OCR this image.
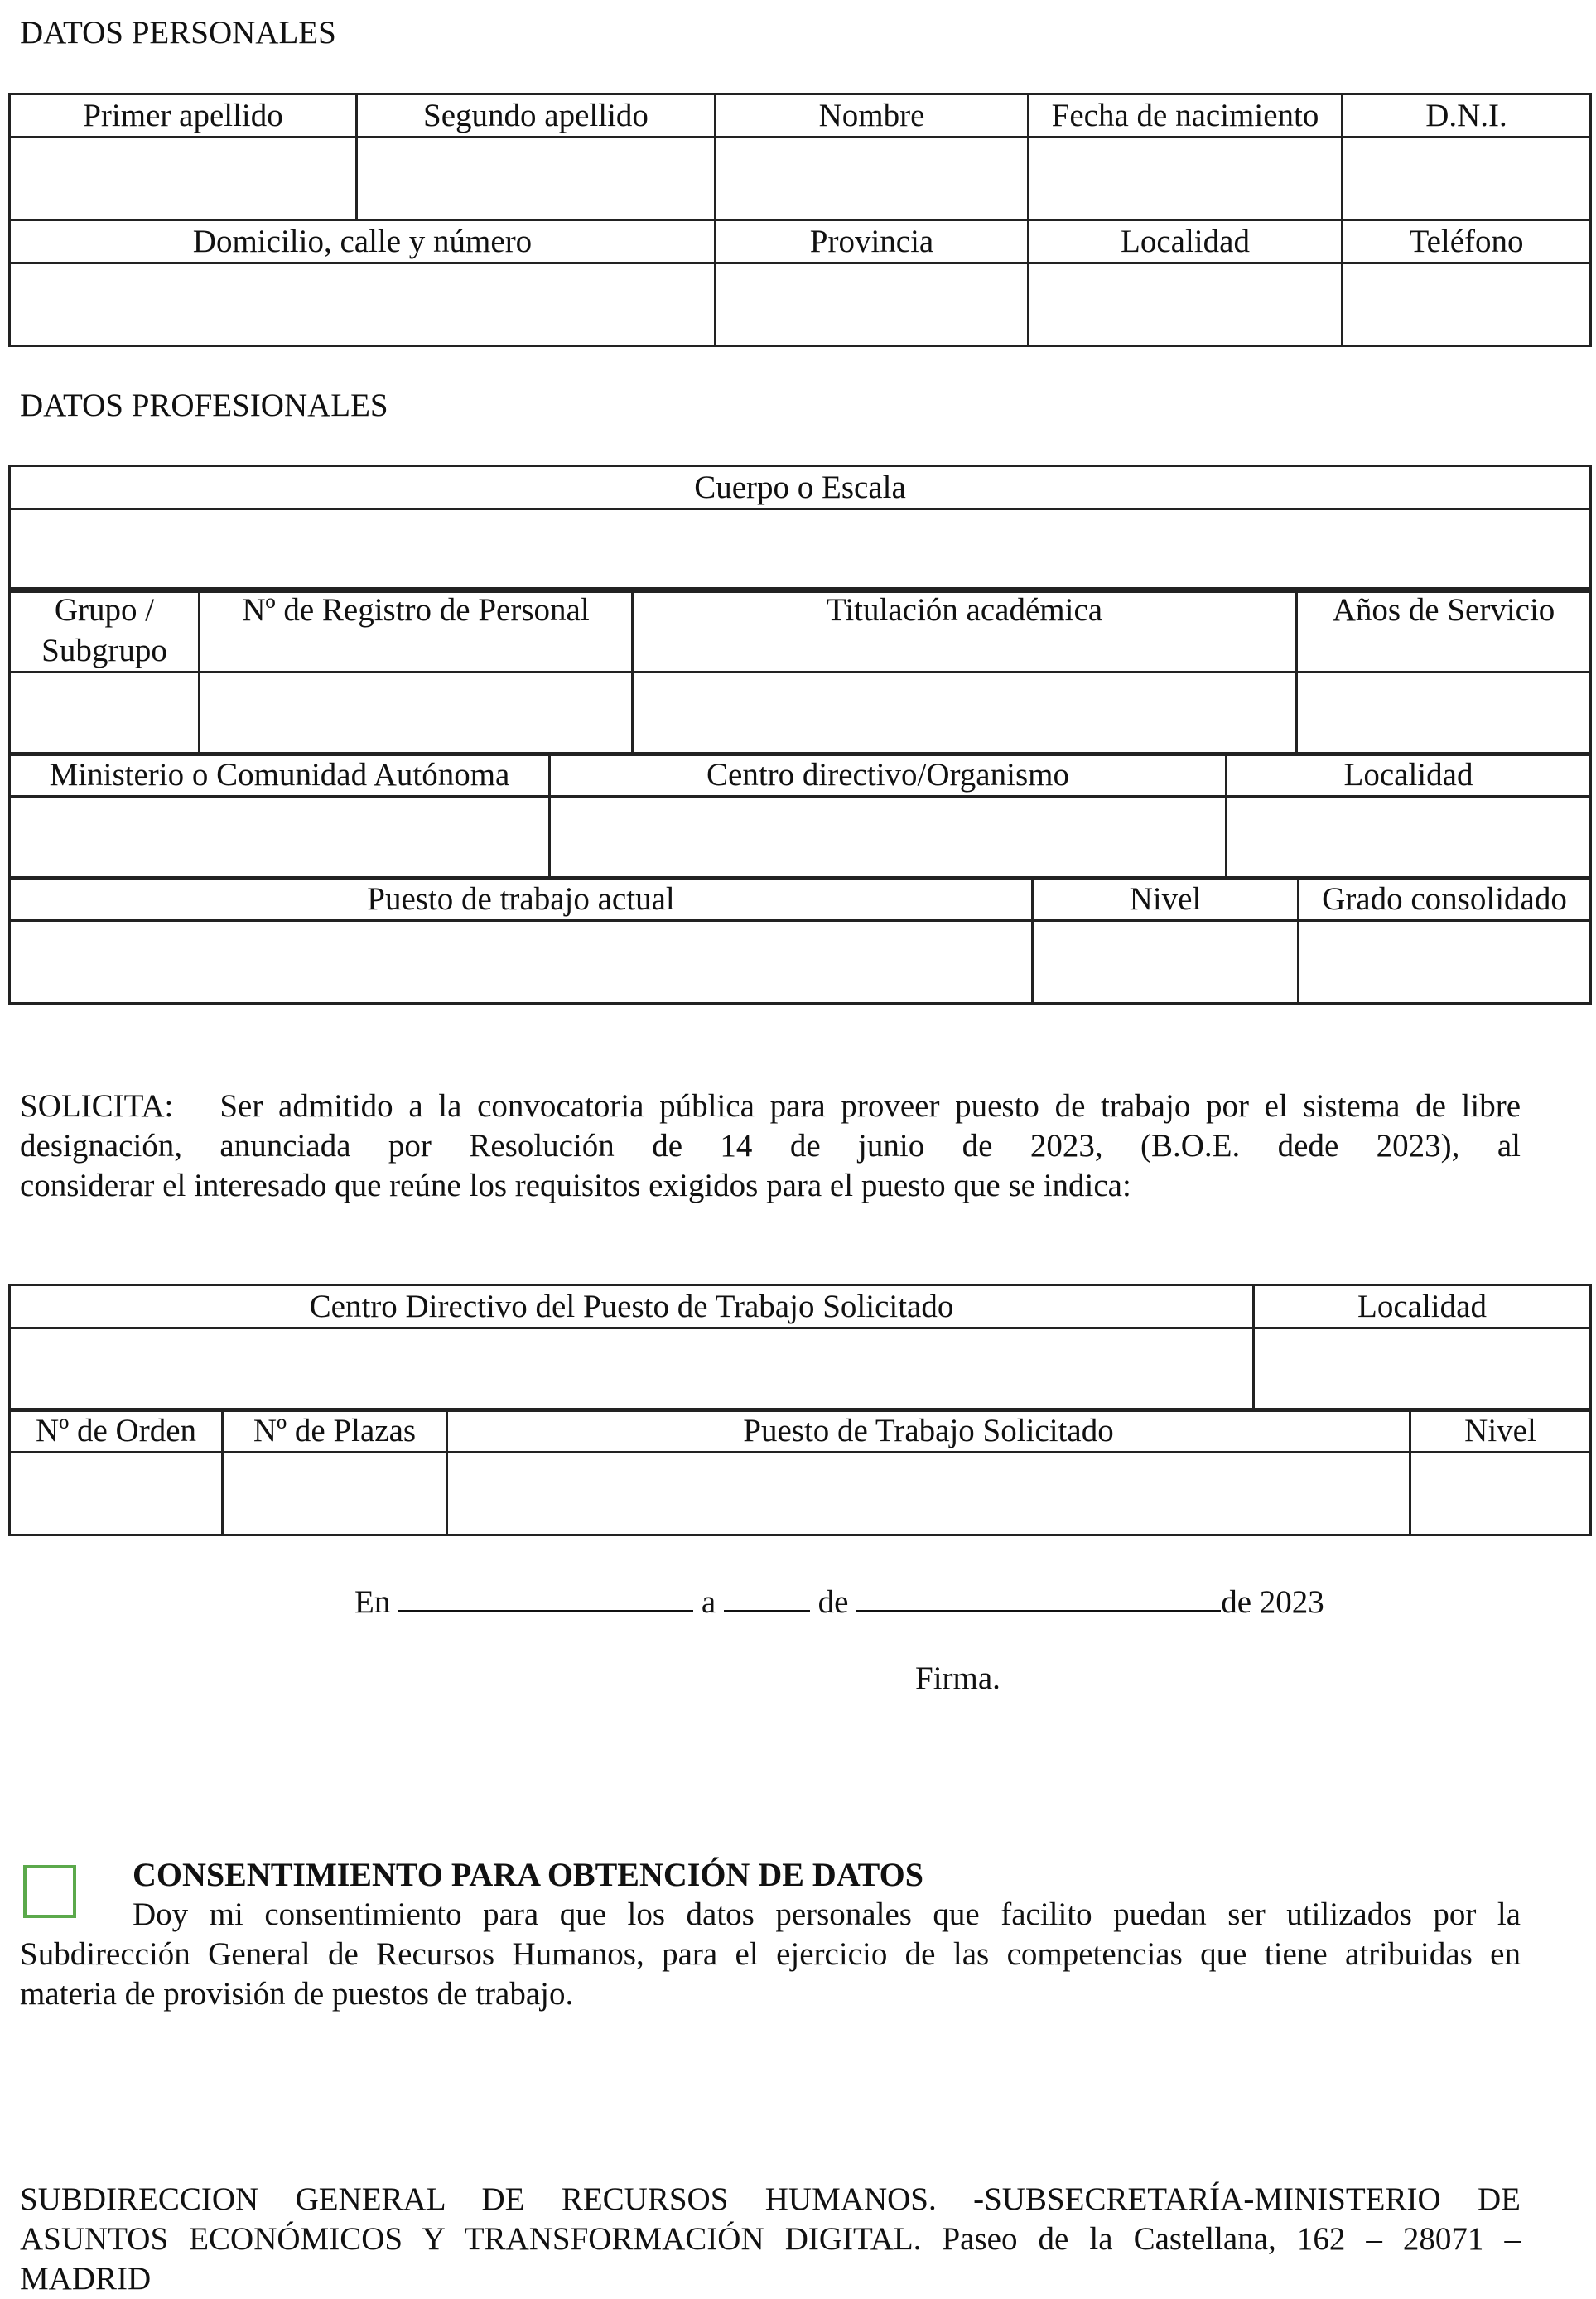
DATOS PERSONALES
Primer apellido	Segundo apellido	Nombre	Fecha de nacimiento	D.N.I.

Domicilio, calle y número		Provincia	Localidad	Teléfono

DATOS PROFESIONALES
Cuerpo o Escala

Grupo /
Subgrupo	Nº de Registro de Personal	Titulación académica	Años de Servicio

Ministerio o Comunidad Autónoma	Centro directivo/Organismo	Localidad

Puesto de trabajo actual	Nivel	Grado consolidado

SOLICITA: Ser admitido a la convocatoria pública para proveer puesto de trabajo por el sistema de libre
designación, anunciada por Resolución de 14 de junio de 2023, (B.O.E. dede 2023), al
considerar el interesado que reúne los requisitos exigidos para el puesto que se indica:
Centro Directivo del Puesto de Trabajo Solicitado	Localidad

Nº de Orden	Nº de Plazas	Puesto de Trabajo Solicitado	Nivel

En	a	de	de 2023
Firma.
CONSENTIMIENTO PARA OBTENCIÓN DE DATOS
Doy mi consentimiento para que los datos personales que facilito puedan ser utilizados por la
Subdirección General de Recursos Humanos, para el ejercicio de las competencias que tiene atribuidas en
materia de provisión de puestos de trabajo.
SUBDIRECCION GENERAL DE RECURSOS HUMANOS. -SUBSECRETARÍA-MINISTERIO DE
ASUNTOS ECONÓMICOS Y TRANSFORMACIÓN DIGITAL. Paseo de la Castellana, 162 – 28071 –
MADRID
